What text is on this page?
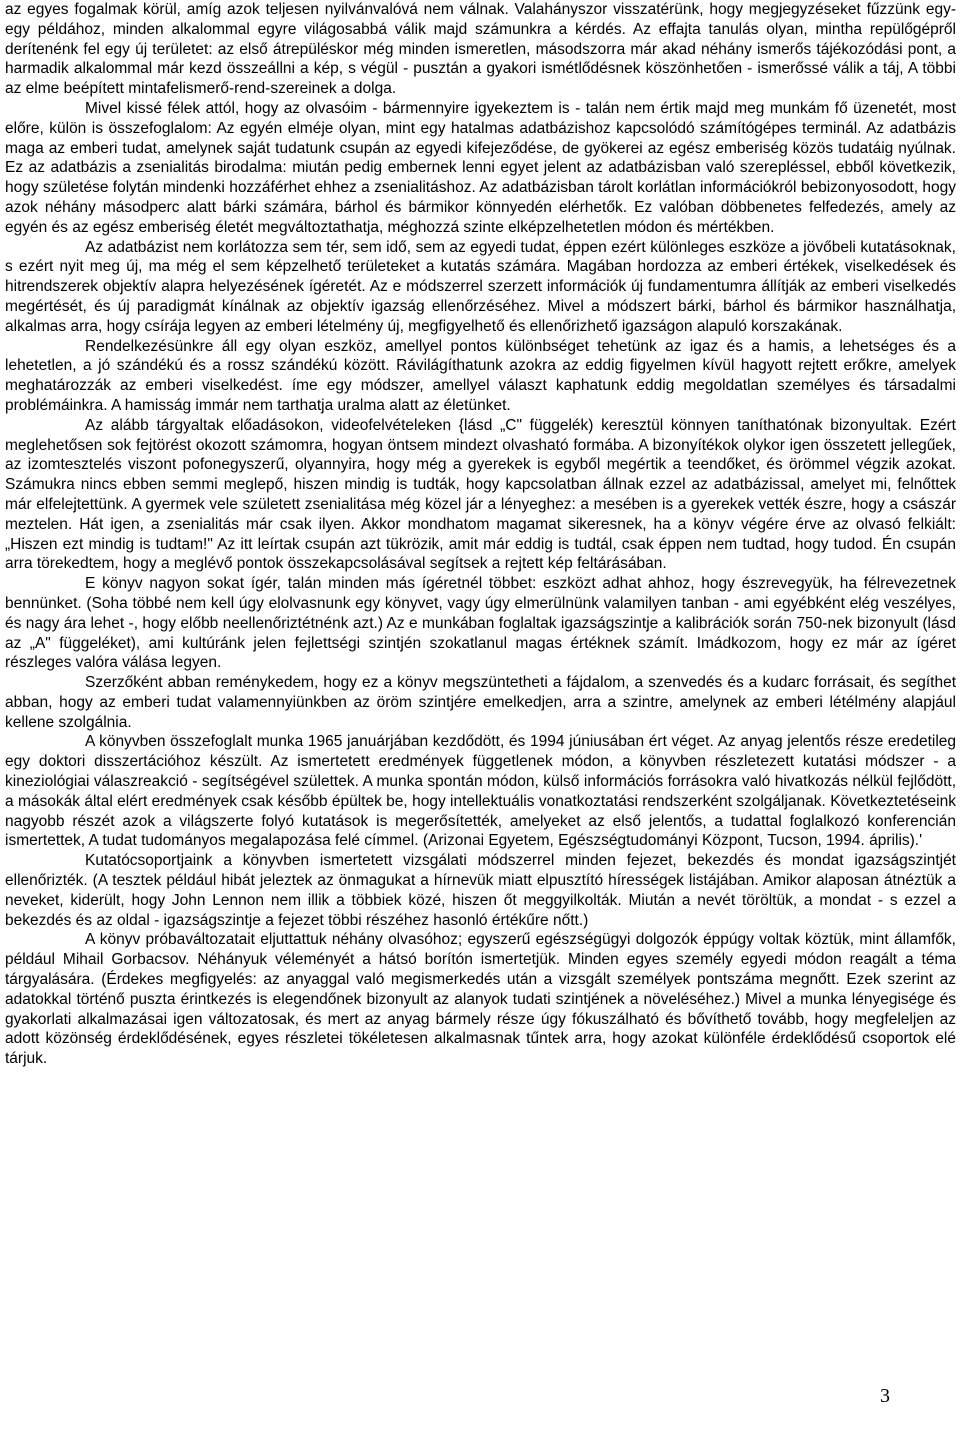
az egyes fogalmak körül, amíg azok teljesen nyilvánvalóvá nem válnak. Valahányszor visszatérünk, hogy megjegyzéseket fűzzünk egy-egy példához, minden alkalommal egyre világosabbá válik majd számunkra a kérdés. Az effajta tanulás olyan, mintha repülőgépről derítenénk fel egy új területet: az első átrepüléskor még minden ismeretlen, másodszorra már akad néhány ismerős tájékozódási pont, a harmadik alkalommal már kezd összeállni a kép, s végül - pusztán a gyakori ismétlődésnek köszönhetően - ismerőssé válik a táj, A többi az elme beépített mintafelismerő-rend-szereinek a dolga.

Mivel kissé félek attól, hogy az olvasóim - bármennyire igyekeztem is - talán nem értik majd meg munkám fő üzenetét, most előre, külön is összefoglalom: Az egyén elméje olyan, mint egy hatalmas adatbázishoz kapcsolódó számítógépes terminál. Az adatbázis maga az emberi tudat, amelynek saját tudatunk csupán az egyedi kifejeződése, de gyökerei az egész emberiség közös tudatáig nyúlnak. Ez az adatbázis a zsenialitás birodalma: miután pedig embernek lenni egyet jelent az adatbázisban való szerepléssel, ebből következik, hogy születése folytán mindenki hozzáférhet ehhez a zsenialitáshoz. Az adatbázisban tárolt korlátlan információkról bebizonyosodott, hogy azok néhány másodperc alatt bárki számára, bárhol és bármikor könnyedén elérhetők. Ez valóban döbbenetes felfedezés, amely az egyén és az egész emberiség életét megváltoztathatja, méghozzá szinte elképzelhetetlen módon és mértékben.

Az adatbázist nem korlátozza sem tér, sem idő, sem az egyedi tudat, éppen ezért különleges eszköze a jövőbeli kutatásoknak, s ezért nyit meg új, ma még el sem képzelhető területeket a kutatás számára. Magában hordozza az emberi értékek, viselkedések és hitrendszerek objektív alapra helyezésének ígéretét. Az e módszerrel szerzett információk új fundamentumra állítják az emberi viselkedés megértését, és új paradigmát kínálnak az objektív igazság ellenőrzéséhez. Mivel a módszert bárki, bárhol és bármikor használhatja, alkalmas arra, hogy csírája legyen az emberi lételmény új, megfigyelhető és ellenőrizhető igazságon alapuló korszakának.

Rendelkezésünkre áll egy olyan eszköz, amellyel pontos különbséget tehetünk az igaz és a hamis, a lehetséges és a lehetetlen, a jó szándékú és a rossz szándékú között. Rávilágíthatunk azokra az eddig figyelmen kívül hagyott rejtett erőkre, amelyek meghatározzák az emberi viselkedést. íme egy módszer, amellyel választ kaphatunk eddig megoldatlan személyes és társadalmi problémáinkra. A hamisság immár nem tarthatja uralma alatt az életünket.

Az alább tárgyaltak előadásokon, videofelvételeken {lásd „C" függelék) keresztül könnyen taníthatónak bizonyultak. Ezért meglehetősen sok fejtörést okozott számomra, hogyan öntsem mindezt olvasható formába. A bizonyítékok olykor igen összetett jellegűek, az izomtesztelés viszont pofonegyszerű, olyannyira, hogy még a gyerekek is egyből megértik a teendőket, és örömmel végzik azokat. Számukra nincs ebben semmi meglepő, hiszen mindig is tudták, hogy kapcsolatban állnak ezzel az adatbázissal, amelyet mi, felnőttek már elfelejtettünk. A gyermek vele született zsenialitása még közel jár a lényeghez: a mesében is a gyerekek vették észre, hogy a császár meztelen. Hát igen, a zsenialitás már csak ilyen. Akkor mondhatom magamat sikeresnek, ha a könyv végére érve az olvasó felkiált: „Hiszen ezt mindig is tudtam!" Az itt leírtak csupán azt tükrözik, amit már eddig is tudtál, csak éppen nem tudtad, hogy tudod. Én csupán arra törekedtem, hogy a meglévő pontok összekapcsolásával segítsek a rejtett kép feltárásában.

E könyv nagyon sokat ígér, talán minden más ígéretnél többet: eszközt adhat ahhoz, hogy észrevegyük, ha félrevezetnek bennünket. (Soha többé nem kell úgy elolvasnunk egy könyvet, vagy úgy elmerülnünk valamilyen tanban - ami egyébként elég veszélyes, és nagy ára lehet -, hogy előbb neellenőriztétnénk azt.) Az e munkában foglaltak igazságszintje a kalibrációk során 750-nek bizonyult (lásd az „A" függeléket), ami kultúránk jelen fejlettségi szintjén szokatlanul magas értéknek számít. Imádkozom, hogy ez már az ígéret részleges valóra válása legyen.

Szerzőként abban reménykedem, hogy ez a könyv megszüntetheti a fájdalom, a szenvedés és a kudarc forrásait, és segíthet abban, hogy az emberi tudat valamennyiünkben az öröm szintjére emelkedjen, arra a szintre, amelynek az emberi létélmény alapjául kellene szolgálnia.

A könyvben összefoglalt munka 1965 januárjában kezdődött, és 1994 júniusában ért véget. Az anyag jelentős része eredetileg egy doktori disszertációhoz készült. Az ismertetett eredmények függetlenek módon, a könyvben részletezett kutatási módszer - a kineziológiai válaszreakció - segítségével születtek. A munka spontán módon, külső információs forrásokra való hivatkozás nélkül fejlődött, a másokák által elért eredmények csak később épültek be, hogy intellektuális vonatkoztatási rendszerként szolgáljanak. Következtetéseink nagyobb részét azok a világszerte folyó kutatások is megerősítették, amelyeket az első jelentős, a tudattal foglalkozó konferencián ismertettek, A tudat tudományos megalapozása felé címmel. (Arizonai Egyetem, Egészségtudományi Központ, Tucson, 1994. április).'

Kutatócsoportjaink a könyvben ismertetett vizsgálati módszerrel minden fejezet, bekezdés és mondat igazságszintjét ellenőrizték. (A tesztek például hibát jeleztek az önmagukat a hírnevük miatt elpusztító hírességek listájában. Amikor alaposan átnéztük a neveket, kiderült, hogy John Lennon nem illik a többiek közé, hiszen őt meggyilkolták. Miután a nevét töröltük, a mondat - s ezzel a bekezdés és az oldal - igazságszintje a fejezet többi részéhez hasonló értékűre nőtt.)

A könyv próbaváltozatait eljuttattuk néhány olvasóhoz; egyszerű egészségügyi dolgozók éppúgy voltak köztük, mint államfők, például Mihail Gorbacsov. Néhányuk véleményét a hátsó borítón ismertetjük. Minden egyes személy egyedi módon reagált a téma tárgyalására. (Érdekes megfigyelés: az anyaggal való megismerkedés után a vizsgált személyek pontszáma megnőtt. Ezek szerint az adatokkal történő puszta érintkezés is elegendőnek bizonyult az alanyok tudati szintjének a növeléséhez.) Mivel a munka lényegisége és gyakorlati alkalmazásai igen változatosak, és mert az anyag bármely része úgy fókuszálható és bővíthető tovább, hogy megfeleljen az adott közönség érdeklődésének, egyes részletei tökéletesen alkalmasnak tűntek arra, hogy azokat különféle érdeklődésű csoportok elé tárjuk.

3
